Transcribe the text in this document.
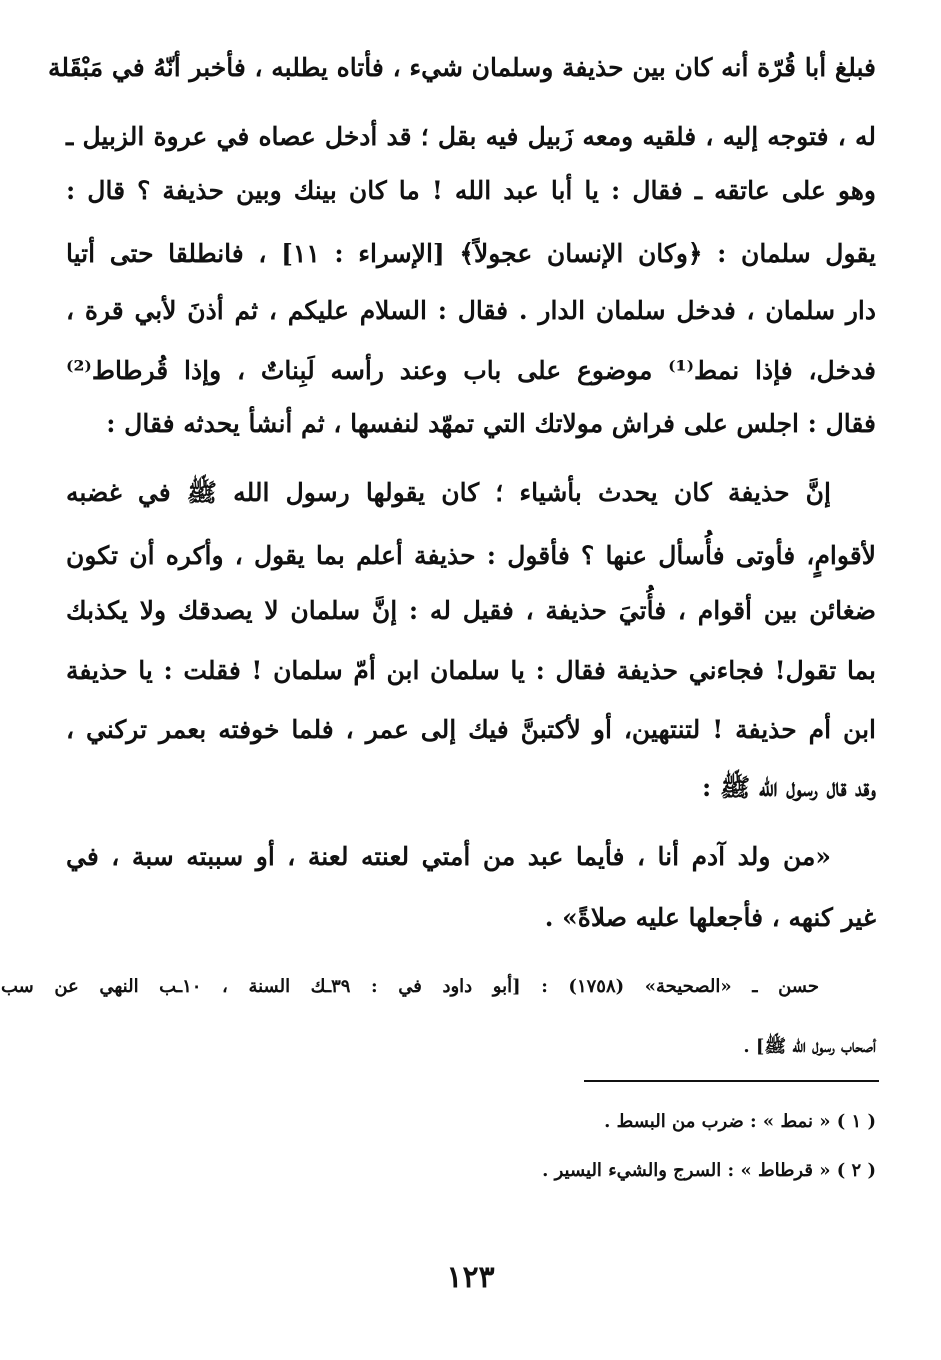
فبلغ أبا قُرّة أنه كان بين حذيفة وسلمان شيء ، فأتاه يطلبه ، فأخبر أنّهُ في مَبْقَلة
له ، فتوجه إليه ، فلقيه ومعه زَبيل فيه بقل ؛ قد أدخل عصاه في عروة الزبيل ـ
وهو على عاتقه ـ فقال : يا أبا عبد الله ! ما كان بينك وبين حذيفة ؟ قال :
يقول سلمان : ﴿وكان الإنسان عجولاً﴾ [الإسراء : ١١] ، فانطلقا حتى أتيا
دار سلمان ، فدخل سلمان الدار . فقال : السلام عليكم ، ثم أذنَ لأبي قرة ،
فدخل، فإذا نمط⁽¹⁾ موضوع على باب وعند رأسه لَبِناتٌ ، وإذا قُرطاط⁽²⁾
فقال : اجلس على فراش مولاتك التي تمهّد لنفسها ، ثم أنشأ يحدثه فقال :
إنَّ حذيفة كان يحدث بأشياء ؛ كان يقولها رسول الله ﷺ في غضبه
لأقوامٍ، فأوتى فأُسأل عنها ؟ فأقول : حذيفة أعلم بما يقول ، وأكره أن تكون
ضغائن بين أقوام ، فأُتيَ حذيفة ، فقيل له : إنَّ سلمان لا يصدقك ولا يكذبك
بما تقول! فجاءني حذيفة فقال : يا سلمان ابن أمّ سلمان ! فقلت : يا حذيفة
ابن أم حذيفة ! لتنتهين، أو لأكتبنَّ فيك إلى عمر ، فلما خوفته بعمر تركني ،
وقد قال رسول الله ﷺ :
«من ولد آدم أنا ، فأيما عبد من أمتي لعنته لعنة ، أو سببته سبة ، في
غير كنهه ، فأجعلها عليه صلاةً» .
حسن ـ «الصحيحة» (١٧٥٨) : [أبو داود في : ٣٩ـك السنة ، ١٠ـب النهي عن سب
أصحاب رسول الله ﷺ] .
( ١ ) « نمط » : ضرب من البسط .
( ٢ ) « قرطاط » : السرج والشيء اليسير .
١٢٣
